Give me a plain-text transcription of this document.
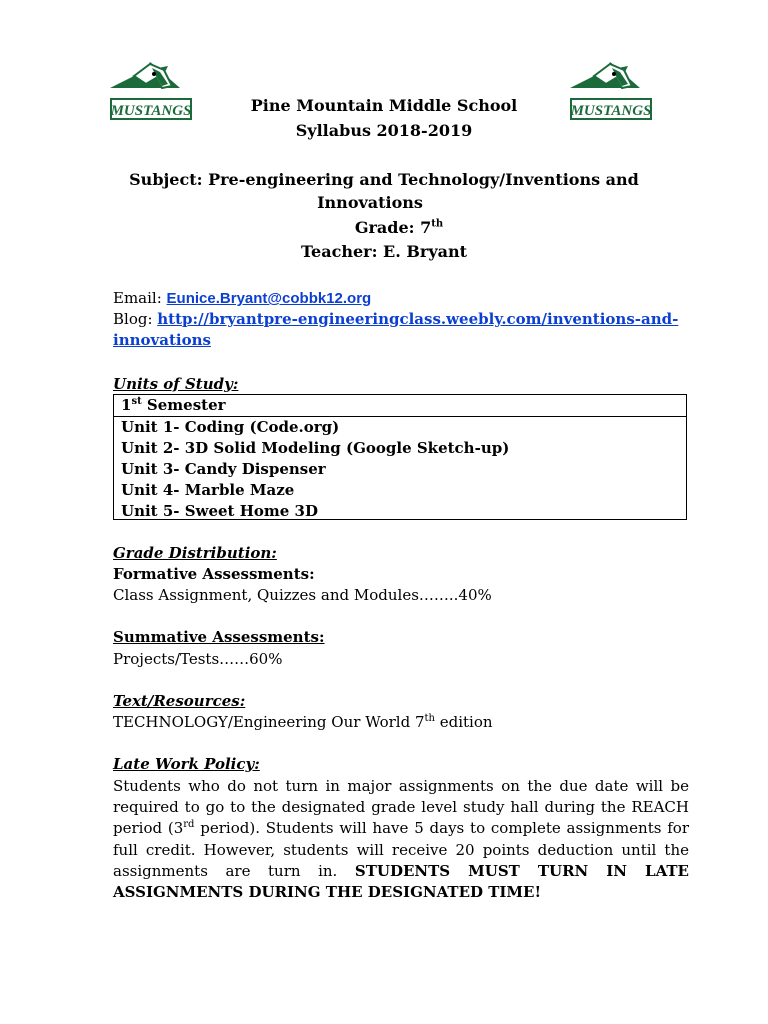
MUSTANGS	MUSTANGS
Pine Mountain Middle School
Syllabus 2018-2019
Subject: Pre-engineering and Technology/Inventions and
Innovations
Grade: 7th
Teacher: E. Bryant
Email: Eunice.Bryant@cobbk12.org
Blog: http://bryantpre-engineeringclass.weebly.com/inventions-and-
innovations
Units of Study:
1st Semester
Unit 1- Coding (Code.org)
Unit 2- 3D Solid Modeling (Google Sketch-up)
Unit 3- Candy Dispenser
Unit 4- Marble Maze
Unit 5- Sweet Home 3D
Grade Distribution:
Formative Assessments:
Class Assignment, Quizzes and Modules……..40%
Summative Assessments:
Projects/Tests……60%
Text/Resources:
TECHNOLOGY/Engineering Our World 7th edition
Late Work Policy:
Students who do not turn in major assignments on the due date will be required to go to the designated grade level study hall during the REACH period (3rd period). Students will have 5 days to complete assignments for full credit. However, students will receive 20 points deduction until the assignments are turn in. STUDENTS MUST TURN IN LATE ASSIGNMENTS DURING THE DESIGNATED TIME!
